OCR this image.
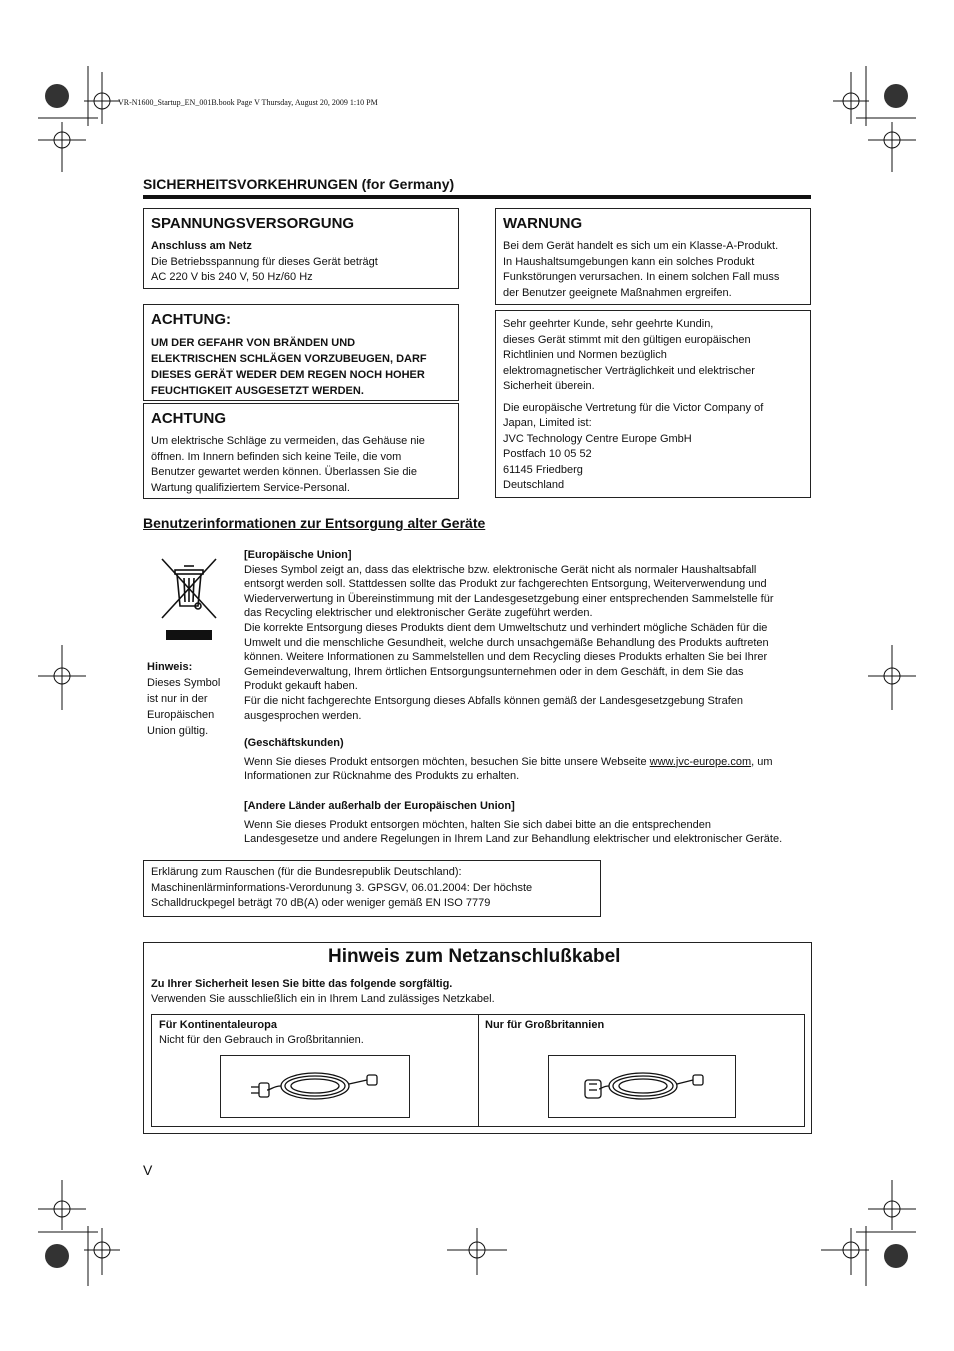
VR-N1600_Startup_EN_001B.book Page V Thursday, August 20, 2009 1:10 PM
SICHERHEITSVORKEHRUNGEN (for Germany)
SPANNUNGSVERSORGUNG
Anschluss am Netz
Die Betriebsspannung für dieses Gerät beträgt
AC 220 V bis 240 V, 50 Hz/60 Hz
ACHTUNG:
UM DER GEFAHR VON BRÄNDEN UND
ELEKTRISCHEN SCHLÄGEN VORZUBEUGEN, DARF
DIESES GERÄT WEDER DEM REGEN NOCH HOHER
FEUCHTIGKEIT AUSGESETZT WERDEN.
ACHTUNG
Um elektrische Schläge zu vermeiden, das Gehäuse nie
öffnen. Im Innern befinden sich keine Teile, die vom
Benutzer gewartet werden können. Überlassen Sie die
Wartung qualifiziertem Service-Personal.
WARNUNG
Bei dem Gerät handelt es sich um ein Klasse-A-Produkt.
In Haushaltsumgebungen kann ein solches Produkt
Funkstörungen verursachen. In einem solchen Fall muss
der Benutzer geeignete Maßnahmen ergreifen.
Sehr geehrter Kunde, sehr geehrte Kundin,
dieses Gerät stimmt mit den gültigen europäischen
Richtlinien und Normen bezüglich
elektromagnetischer Verträglichkeit und elektrischer
Sicherheit überein.
Die europäische Vertretung für die Victor Company of
Japan, Limited ist:
JVC Technology Centre Europe GmbH
Postfach 10 05 52
61145 Friedberg
Deutschland
Benutzerinformationen zur Entsorgung alter Geräte
Hinweis:
Dieses Symbol
ist nur in der
Europäischen
Union gültig.
[Europäische Union]
Dieses Symbol zeigt an, dass das elektrische bzw. elektronische Gerät nicht als normaler Haushaltsabfall
entsorgt werden soll. Stattdessen sollte das Produkt zur fachgerechten Entsorgung, Weiterverwendung und
Wiederverwertung in Übereinstimmung mit der Landesgesetzgebung einer entsprechenden Sammelstelle für
das Recycling elektrischer und elektronischer Geräte zugeführt werden.
Die korrekte Entsorgung dieses Produkts dient dem Umweltschutz und verhindert mögliche Schäden für die
Umwelt und die menschliche Gesundheit, welche durch unsachgemäße Behandlung des Produkts auftreten
können. Weitere Informationen zu Sammelstellen und dem Recycling dieses Produkts erhalten Sie bei Ihrer
Gemeindeverwaltung, Ihrem örtlichen Entsorgungsunternehmen oder in dem Geschäft, in dem Sie das
Produkt gekauft haben.
Für die nicht fachgerechte Entsorgung dieses Abfalls können gemäß der Landesgesetzgebung Strafen
ausgesprochen werden.
(Geschäftskunden)
Wenn Sie dieses Produkt entsorgen möchten, besuchen Sie bitte unsere Webseite www.jvc-europe.com, um
Informationen zur Rücknahme des Produkts zu erhalten.
[Andere Länder außerhalb der Europäischen Union]
Wenn Sie dieses Produkt entsorgen möchten, halten Sie sich dabei bitte an die entsprechenden
Landesgesetze und andere Regelungen in Ihrem Land zur Behandlung elektrischer und elektronischer Geräte.
Erklärung zum Rauschen (für die Bundesrepublik Deutschland):
Maschinenlärminformations-Verordunung 3. GPSGV, 06.01.2004: Der höchste
Schalldruckpegel beträgt 70 dB(A) oder weniger gemäß EN ISO 7779
Hinweis zum Netzanschlußkabel
Zu Ihrer Sicherheit lesen Sie bitte das folgende sorgfältig.
Verwenden Sie ausschließlich ein in Ihrem Land zulässiges Netzkabel.
Für Kontinentaleuropa
Nicht für den Gebrauch in Großbritannien.
Nur für Großbritannien
V
